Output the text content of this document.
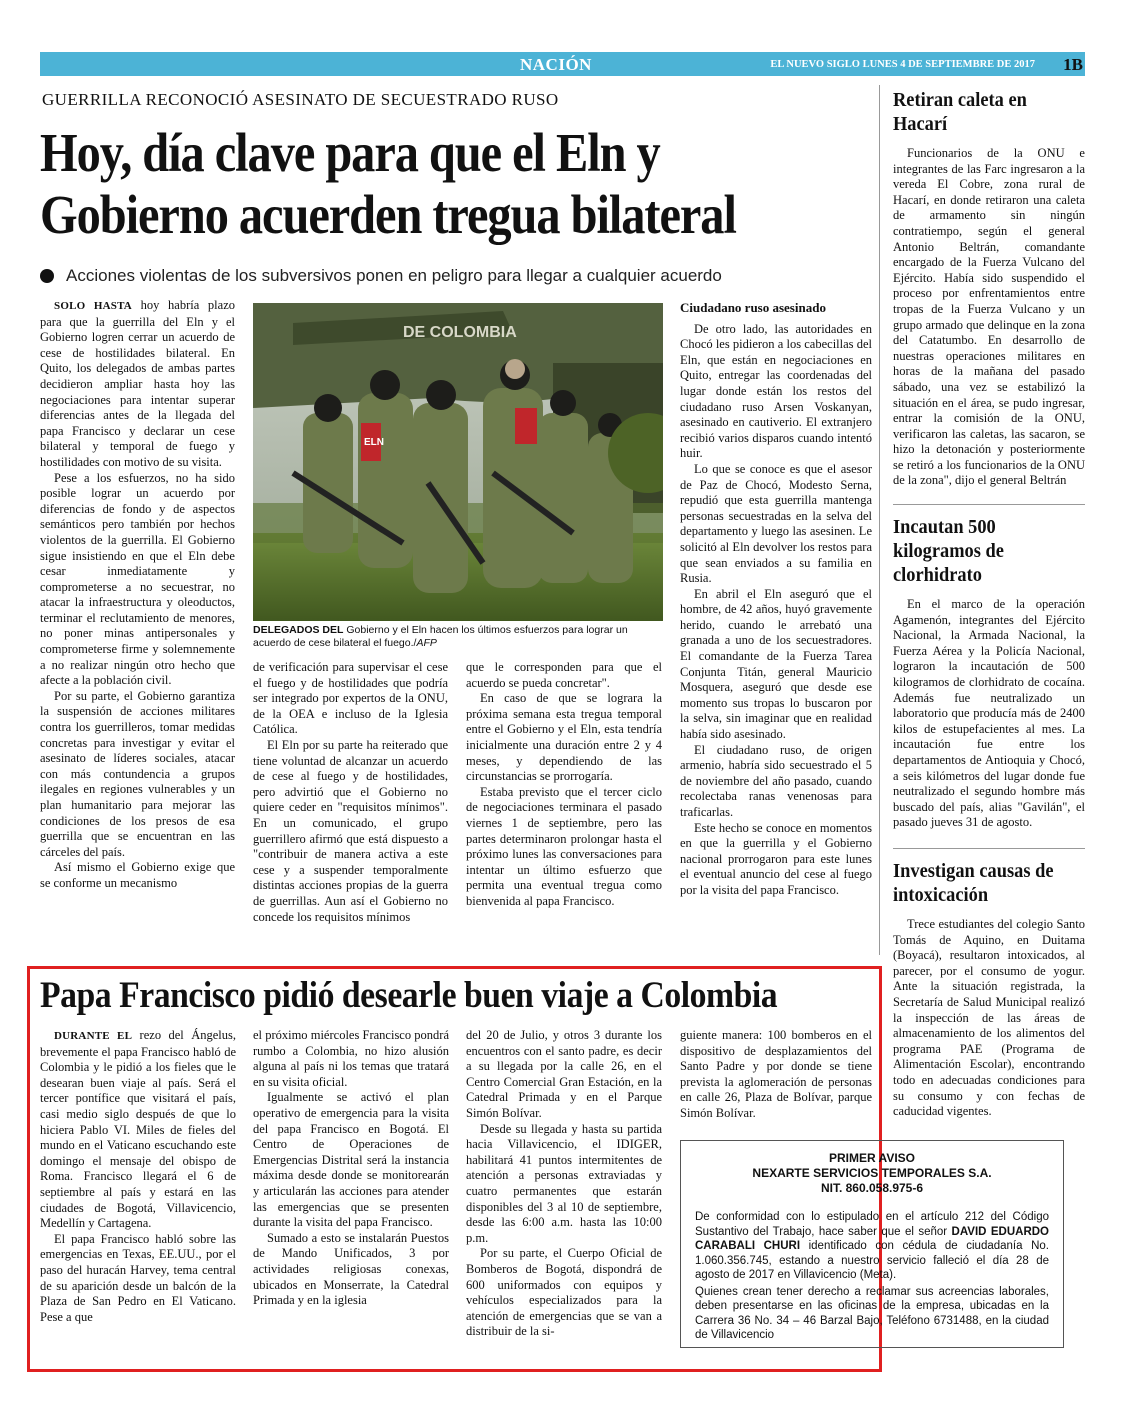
NACIÓN	EL NUEVO SIGLO LUNES 4 DE SEPTIEMBRE DE 2017 1B
GUERRILLA RECONOCIÓ ASESINATO DE SECUESTRADO RUSO
Hoy, día clave para que el Eln y
Gobierno acuerden tregua bilateral
Acciones violentas de los subversivos ponen en peligro para llegar a cualquier acuerdo

SOLO HASTA hoy habría plazo para que la guerrilla del Eln y el Gobierno logren cerrar un acuerdo de cese de hostilidades bilateral. En Quito, los delegados de ambas partes decidieron ampliar hasta hoy las negociaciones para intentar superar diferencias antes de la llegada del papa Francisco y declarar un cese bilateral y temporal de fuego y hostilidades con motivo de su visita.

Pese a los esfuerzos, no ha sido posible lograr un acuerdo por diferencias de fondo y de aspectos semánticos pero también por hechos violentos de la guerrilla. El Gobierno sigue insistiendo en que el Eln debe cesar inmediatamente y comprometerse a no secuestrar, no atacar la infraestructura y oleoductos, terminar el reclutamiento de menores, no poner minas antipersonales y comprometerse firme y solemnemente a no realizar ningún otro hecho que afecte a la población civil.

Por su parte, el Gobierno garantiza la suspensión de acciones militares contra los guerrilleros, tomar medidas concretas para investigar y evitar el asesinato de líderes sociales, atacar con más contundencia a grupos ilegales en regiones vulnerables y un plan humanitario para mejorar las condiciones de los presos de esa guerrilla que se encuentran en las cárceles del país.

Así mismo el Gobierno exige que se conforme un mecanismo

DE COLOMBIA
ELN
DELEGADOS DEL Gobierno y el Eln hacen los últimos esfuerzos para lograr un acuerdo de cese bilateral el fuego./AFP

de verificación para supervisar el cese el fuego y de hostilidades que podría ser integrado por expertos de la ONU, de la OEA e incluso de la Iglesia Católica.

El Eln por su parte ha reiterado que tiene voluntad de alcanzar un acuerdo de cese al fuego y de hostilidades, pero advirtió que el Gobierno no quiere ceder en "requisitos mínimos". En un comunicado, el grupo guerrillero afirmó que está dispuesto a "contribuir de manera activa a este cese y a suspender temporalmente distintas acciones propias de la guerra de guerrillas. Aun así el Gobierno no concede los requisitos mínimos

que le corresponden para que el acuerdo se pueda concretar".

En caso de que se lograra la próxima semana esta tregua temporal entre el Gobierno y el Eln, esta tendría inicialmente una duración entre 2 y 4 meses, y dependiendo de las circunstancias se prorrogaría.

Estaba previsto que el tercer ciclo de negociaciones terminara el pasado viernes 1 de septiembre, pero las partes determinaron prolongar hasta el próximo lunes las conversaciones para intentar un último esfuerzo que permita una eventual tregua como bienvenida al papa Francisco.

Ciudadano ruso asesinado

De otro lado, las autoridades en Chocó les pidieron a los cabecillas del Eln, que están en negociaciones en Quito, entregar las coordenadas del lugar donde están los restos del ciudadano ruso Arsen Voskanyan, asesinado en cautiverio. El extranjero recibió varios disparos cuando intentó huir.

Lo que se conoce es que el asesor de Paz de Chocó, Modesto Serna, repudió que esta guerrilla mantenga personas secuestradas en la selva del departamento y luego las asesinen. Le solicitó al Eln devolver los restos para que sean enviados a su familia en Rusia.

En abril el Eln aseguró que el hombre, de 42 años, huyó gravemente herido, cuando le arrebató una granada a uno de los secuestradores. El comandante de la Fuerza Tarea Conjunta Titán, general Mauricio Mosquera, aseguró que desde ese momento sus tropas lo buscaron por la selva, sin imaginar que en realidad había sido asesinado.

El ciudadano ruso, de origen armenio, habría sido secuestrado el 5 de noviembre del año pasado, cuando recolectaba ranas venenosas para traficarlas.

Este hecho se conoce en momentos en que la guerrilla y el Gobierno nacional prorrogaron para este lunes el eventual anuncio del cese al fuego por la visita del papa Francisco.

Retiran caleta en Hacarí
Funcionarios de la ONU e integrantes de las Farc ingresaron a la vereda El Cobre, zona rural de Hacarí, en donde retiraron una caleta de armamento sin ningún contratiempo, según el general Antonio Beltrán, comandante encargado de la Fuerza Vulcano del Ejército. Había sido suspendido el proceso por enfrentamientos entre tropas de la Fuerza Vulcano y un grupo armado que delinque en la zona del Catatumbo. En desarrollo de nuestras operaciones militares en horas de la mañana del pasado sábado, una vez se estabilizó la situación en el área, se pudo ingresar, entrar la comisión de la ONU, verificaron las caletas, las sacaron, se hizo la detonación y posteriormente se retiró a los funcionarios de la ONU de la zona", dijo el general Beltrán
Incautan 500 kilogramos de clorhidrato
En el marco de la operación Agamenón, integrantes del Ejército Nacional, la Armada Nacional, la Fuerza Aérea y la Policía Nacional, lograron la incautación de 500 kilogramos de clorhidrato de cocaína. Además fue neutralizado un laboratorio que producía más de 2400 kilos de estupefacientes al mes. La incautación fue entre los departamentos de Antioquia y Chocó, a seis kilómetros del lugar donde fue neutralizado el segundo hombre más buscado del país, alias "Gavilán", el pasado jueves 31 de agosto.
Investigan causas de intoxicación
Trece estudiantes del colegio Santo Tomás de Aquino, en Duitama (Boyacá), resultaron intoxicados, al parecer, por el consumo de yogur. Ante la situación registrada, la Secretaría de Salud Municipal realizó la inspección de las áreas de almacenamiento de los alimentos del programa PAE (Programa de Alimentación Escolar), encontrando todo en adecuadas condiciones para su consumo y con fechas de caducidad vigentes.
Papa Francisco pidió desearle buen viaje a Colombia

DURANTE EL rezo del Ángelus, brevemente el papa Francisco habló de Colombia y le pidió a los fieles que le desearan buen viaje al país. Será el tercer pontífice que visitará el país, casi medio siglo después de que lo hiciera Pablo VI. Miles de fieles del mundo en el Vaticano escuchando este domingo el mensaje del obispo de Roma. Francisco llegará el 6 de septiembre al país y estará en las ciudades de Bogotá, Villavicencio, Medellín y Cartagena.

El papa Francisco habló sobre las emergencias en Texas, EE.UU., por el paso del huracán Harvey, tema central de su aparición desde un balcón de la Plaza de San Pedro en El Vaticano. Pese a que

el próximo miércoles Francisco pondrá rumbo a Colombia, no hizo alusión alguna al país ni los temas que tratará en su visita oficial.

Igualmente se activó el plan operativo de emergencia para la visita del papa Francisco en Bogotá. El Centro de Operaciones de Emergencias Distrital será la instancia máxima desde donde se monitorearán y articularán las acciones para atender las emergencias que se presenten durante la visita del papa Francisco.

Sumado a esto se instalarán Puestos de Mando Unificados, 3 por actividades religiosas conexas, ubicados en Monserrate, la Catedral Primada y en la iglesia

del 20 de Julio, y otros 3 durante los encuentros con el santo padre, es decir a su llegada por la calle 26, en el Centro Comercial Gran Estación, en la Catedral Primada y en el Parque Simón Bolívar.

Desde su llegada y hasta su partida hacia Villavicencio, el IDIGER, habilitará 41 puntos intermitentes de atención a personas extraviadas y cuatro permanentes que estarán disponibles del 3 al 10 de septiembre, desde las 6:00 a.m. hasta las 10:00 p.m.

Por su parte, el Cuerpo Oficial de Bomberos de Bogotá, dispondrá de 600 uniformados con equipos y vehículos especializados para la atención de emergencias que se van a distribuir de la si-

guiente manera: 100 bomberos en el dispositivo de desplazamientos del Santo Padre y por donde se tiene prevista la aglomeración de personas en calle 26, Plaza de Bolívar, parque Simón Bolívar.

PRIMER AVISO
NEXARTE SERVICIOS TEMPORALES S.A.
NIT. 860.058.975-6
De conformidad con lo estipulado en el artículo 212 del Código Sustantivo del Trabajo, hace saber que el señor DAVID EDUARDO CARABALI CHURI identificado con cédula de ciudadanía No. 1.060.356.745, estando a nuestro servicio falleció el día 28 de agosto de 2017 en Villavicencio (Meta).
Quienes crean tener derecho a reclamar sus acreencias laborales, deben presentarse en las oficinas de la empresa, ubicadas en la Carrera 36 No. 34 – 46 Barzal Bajo, Teléfono 6731488, en la ciudad de Villavicencio
